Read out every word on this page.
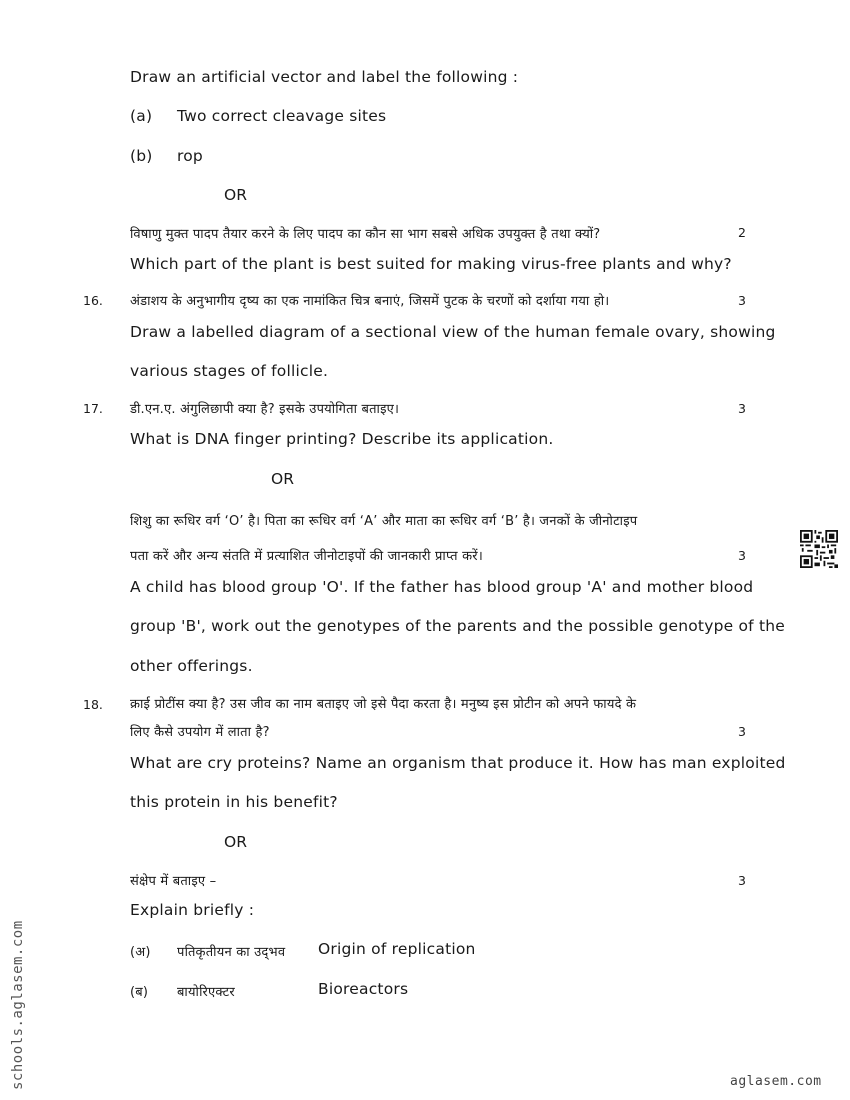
Draw an artificial vector and label the following :
(a) Two correct cleavage sites
(b) rop
OR
विषाणु मुक्त पादप तैयार करने के लिए पादप का कौन सा भाग सबसे अधिक उपयुक्त है तथा क्यों?	2
Which part of the plant is best suited for making virus-free plants and why?
16. अंडाशय के अनुभागीय दृष्य का एक नामांकित चित्र बनाएं, जिसमें पुटक के चरणों को दर्शाया गया हो।	3
Draw a labelled diagram of a sectional view of the human female ovary, showing
various stages of follicle.
17. डी.एन.ए. अंगुलिछापी क्या है? इसके उपयोगिता बताइए।	3
What is DNA finger printing? Describe its application.
OR
शिशु का रूधिर वर्ग ‘O’ है। पिता का रूधिर वर्ग ‘A’ और माता का रूधिर वर्ग ‘B’ है। जनकों के जीनोटाइप
पता करें और अन्य संतति में प्रत्याशित जीनोटाइपों की जानकारी प्राप्त करें।	3
A child has blood group 'O'. If the father has blood group 'A' and mother blood
group 'B', work out the genotypes of the parents and the possible genotype of the
other offerings.
18. क्राई प्रोटींस क्या है? उस जीव का नाम बताइए जो इसे पैदा करता है। मनुष्य इस प्रोटीन को अपने फायदे के
लिए कैसे उपयोग में लाता है?	3
What are cry proteins? Name an organism that produce it. How has man exploited
this protein in his benefit?
OR
संक्षेप में बताइए –	3
Explain briefly :
(अ) पतिकृतीयन का उद्‌भव Origin of replication
(ब) बायोरिएक्टर	Bioreactors
schools.aglasem.com	aglasem.com
